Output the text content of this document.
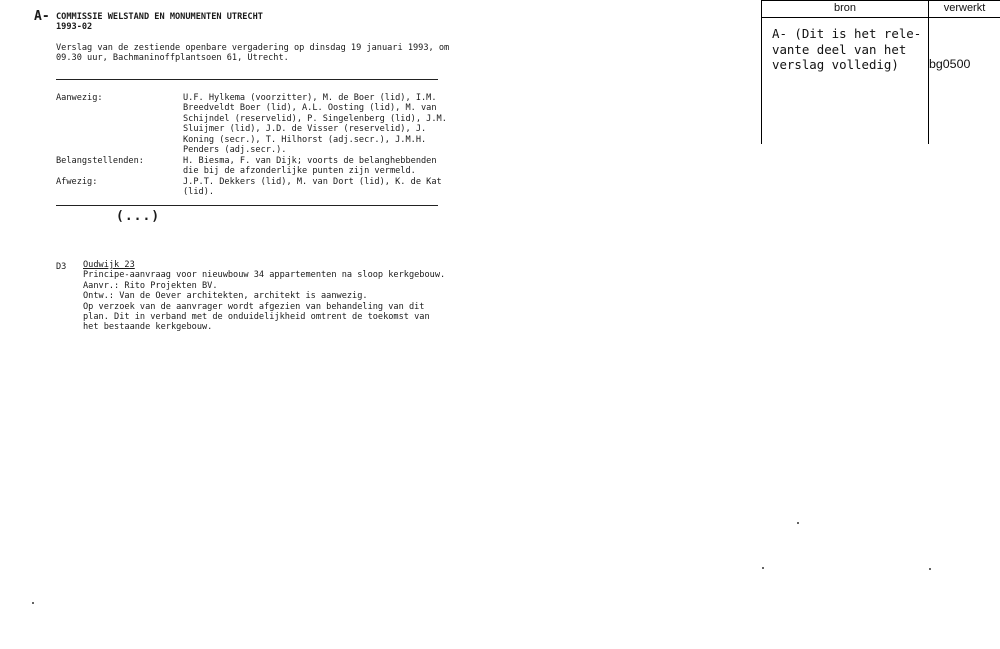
A- COMMISSIE WELSTAND EN MONUMENTEN UTRECHT
1993-02
Verslag van de zestiende openbare vergadering op dinsdag 19 januari 1993, om
09.30 uur, Bachmaninoffplantsoen 61, Utrecht.
Aanwezig:	U.F. Hylkema (voorzitter), M. de Boer (lid), I.M.
Breedveldt Boer (lid), A.L. Oosting (lid), M. van
Schijndel (reservelid), P. Singelenberg (lid), J.M.
Sluijmer (lid), J.D. de Visser (reservelid), J.
Koning (secr.), T. Hilhorst (adj.secr.), J.M.H.
Penders (adj.secr.).
Belangstellenden:	H. Biesma, F. van Dijk; voorts de belanghebbenden
die bij de afzonderlijke punten zijn vermeld.
Afwezig:	J.P.T. Dekkers (lid), M. van Dort (lid), K. de Kat
(lid).
(...)
D3 Oudwijk 23
Principe-aanvraag voor nieuwbouw 34 appartementen na sloop kerkgebouw.
Aanvr.: Rito Projekten BV.
Ontw.: Van de Oever architekten, architekt is aanwezig.
Op verzoek van de aanvrager wordt afgezien van behandeling van dit
plan. Dit in verband met de onduidelijkheid omtrent de toekomst van
het bestaande kerkgebouw.
bron	verwerkt
A- (Dit is het rele-
vante deel van het
verslag volledig)	bg0500
